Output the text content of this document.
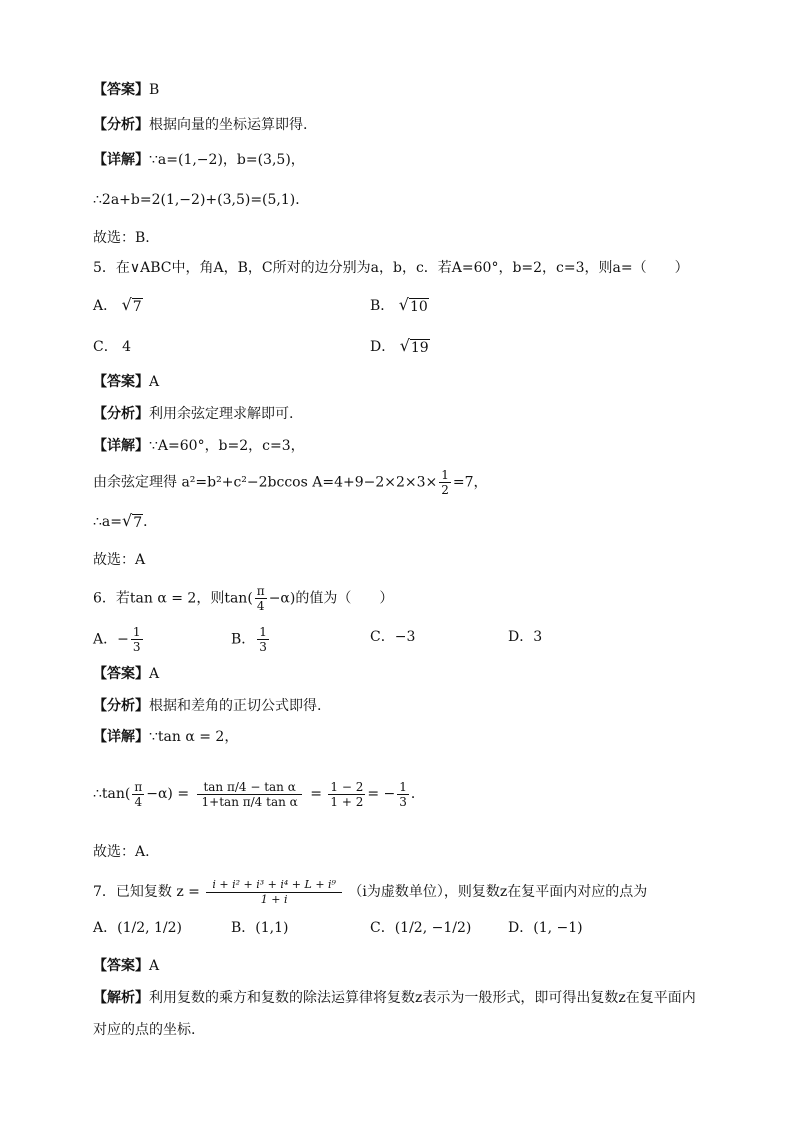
【答案】B
【分析】根据向量的坐标运算即得.
【详解】∵a=(1,−2)，b=(3,5)，
∴2a+b=2(1,−2)+(3,5)=(5,1)．
故选：B.
5．在∨ABC中，角A，B，C所对的边分别为a，b，c．若A=60°，b=2，c=3，则a=（　　）
A． √ 7	B． √ 10
C． 4	D． √ 19
【答案】A
【分析】利用余弦定理求解即可.
【详解】∵A=60°，b=2，c=3，
由余弦定理得 a²=b²+c²−2bccos $A=4+9-2\times 2\times 3\times \frac{1}{2} =7$，
∴a= √ 7 ．
故选：A
6．若tan α = 2，则$\tan( \frac{\pi}{4} -\alpha)$的值为（　　）
A．− $\frac{1}{3}$	B． $\frac{1}{3}$	C．−3	D．3
【答案】A
【分析】根据和差角的正切公式即得.
【详解】∵tan α = 2，
∴tan( $\frac{\pi}{4} -\alpha) = \frac{\text{tan π/4 − tan α}}{\text{1+tan π/4 tan α}} = \frac{1 - 2}{1 + 2}$ = − $\frac{1}{3}$ ．
故选：A.
7．已知复数 $z = \frac{\text{i + i² + i³ + i⁴ + L + i⁹}}{1 + i} (i$为虚数单位），则复数z在复平面内对应的点为
A．(1/2, 1/2)	B．(1,1)	C．(1/2, −1/2)	D．(1, −1)
【答案】A
【解析】利用复数的乘方和复数的除法运算律将复数z表示为一般形式，即可得出复数z在复平面内
对应的点的坐标.
